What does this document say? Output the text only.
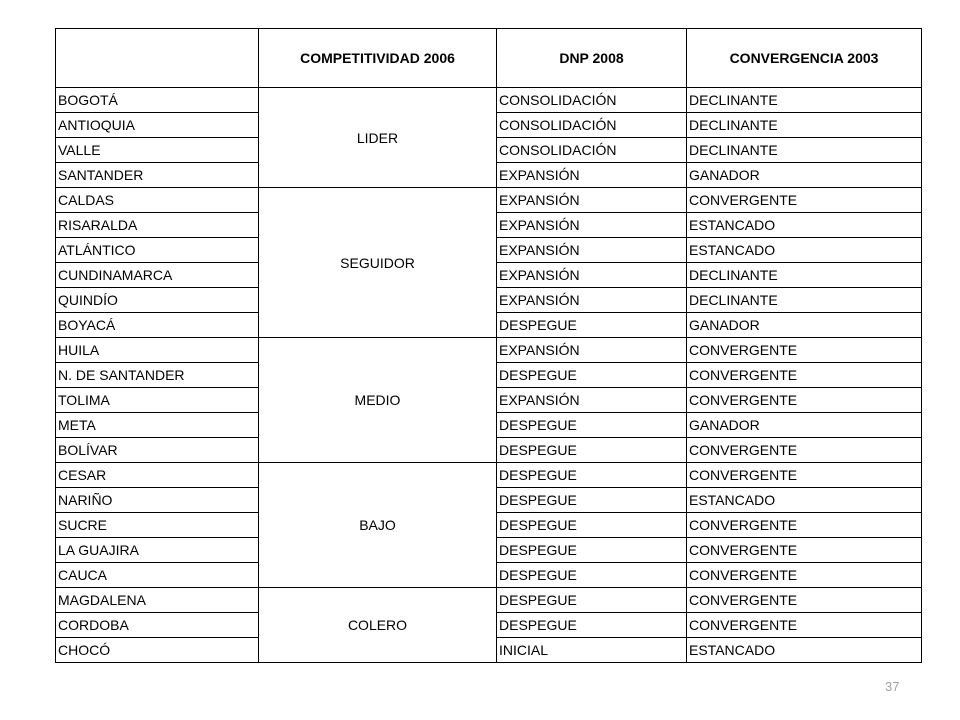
	COMPETITIVIDAD 2006	DNP 2008	CONVERGENCIA 2003
BOGOTÁ	LIDER	CONSOLIDACIÓN	DECLINANTE
ANTIOQUIA		CONSOLIDACIÓN	DECLINANTE
VALLE		CONSOLIDACIÓN	DECLINANTE
SANTANDER		EXPANSIÓN	GANADOR
CALDAS	SEGUIDOR	EXPANSIÓN	CONVERGENTE
RISARALDA		EXPANSIÓN	ESTANCADO
ATLÁNTICO		EXPANSIÓN	ESTANCADO
CUNDINAMARCA		EXPANSIÓN	DECLINANTE
QUINDÍO		EXPANSIÓN	DECLINANTE
BOYACÁ		DESPEGUE	GANADOR
HUILA	MEDIO	EXPANSIÓN	CONVERGENTE
N. DE SANTANDER		DESPEGUE	CONVERGENTE
TOLIMA		EXPANSIÓN	CONVERGENTE
META		DESPEGUE	GANADOR
BOLÍVAR		DESPEGUE	CONVERGENTE
CESAR	BAJO	DESPEGUE	CONVERGENTE
NARIÑO		DESPEGUE	ESTANCADO
SUCRE		DESPEGUE	CONVERGENTE
LA GUAJIRA		DESPEGUE	CONVERGENTE
CAUCA		DESPEGUE	CONVERGENTE
MAGDALENA	COLERO	DESPEGUE	CONVERGENTE
CORDOBA		DESPEGUE	CONVERGENTE
CHOCÓ		INICIAL	ESTANCADO
37
